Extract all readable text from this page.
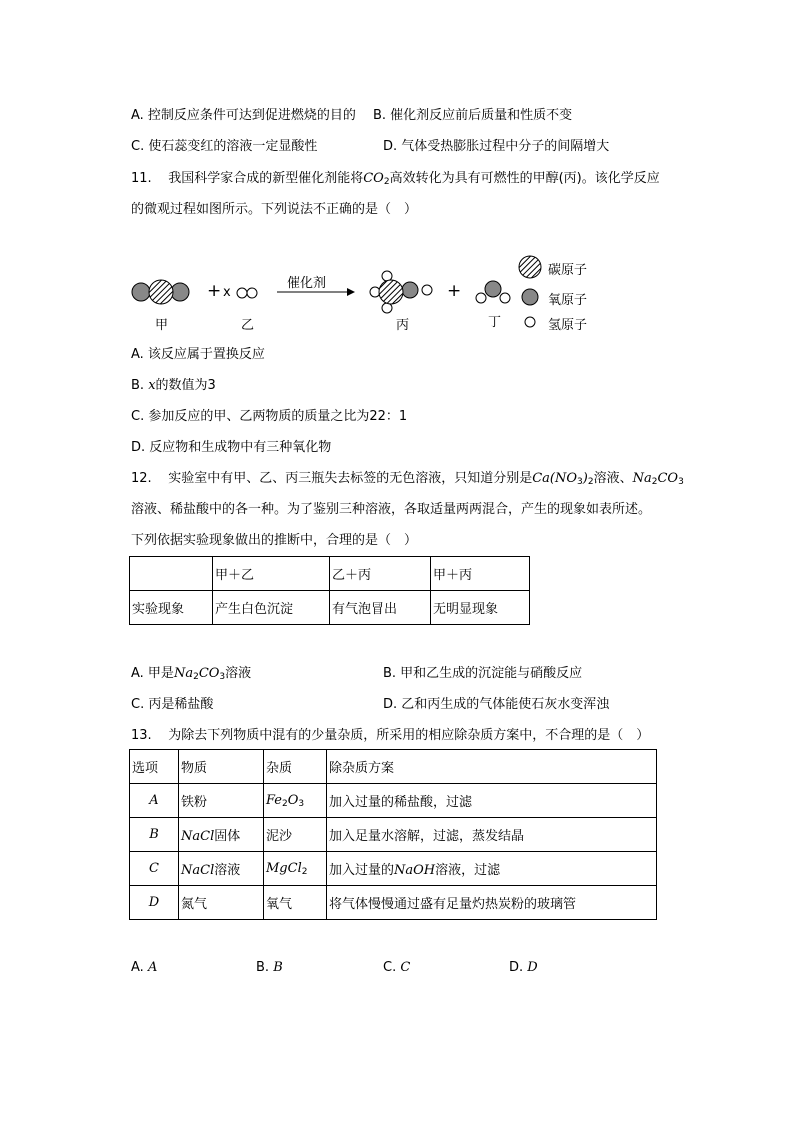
A. 控制反应条件可达到促进燃烧的目的 B. 催化剂反应前后质量和性质不变
C. 使石蕊变红的溶液一定显酸性	D. 气体受热膨胀过程中分子的间隔增大
11. 我国科学家合成的新型催化剂能将$CO_2$高效转化为具有可燃性的甲醇(丙)。该化学反应
的微观过程如图所示。下列说法不正确的是（　）
+ x
催化剂	+
甲	乙	丙	丁
碳原子
氧原子
氢原子
A. 该反应属于置换反应
B. x的数值为3
C. 参加反应的甲、乙两物质的质量之比为22：1
D. 反应物和生成物中有三种氧化物
12. 实验室中有甲、乙、丙三瓶失去标签的无色溶液，只知道分别是$Ca(NO_3)_2$溶液、$Na_2CO_3$
溶液、稀盐酸中的各一种。为了鉴别三种溶液，各取适量两两混合，产生的现象如表所述。
下列依据实验现象做出的推断中，合理的是（　）
	甲＋乙	乙＋丙	甲＋丙
实验现象	产生白色沉淀	有气泡冒出	无明显现象
A. 甲是$Na_2CO_3$溶液	B. 甲和乙生成的沉淀能与硝酸反应
C. 丙是稀盐酸	D. 乙和丙生成的气体能使石灰水变浑浊
13. 为除去下列物质中混有的少量杂质，所采用的相应除杂质方案中，不合理的是（　）
选项	物质	杂质	除杂质方案
A	铁粉	$Fe_2O_3$	加入过量的稀盐酸，过滤
B	NaCl固体	泥沙	加入足量水溶解，过滤，蒸发结晶
C	NaCl溶液	MgCl$_2$	加入过量的NaOH溶液，过滤
D	氮气	氧气	将气体慢慢通过盛有足量灼热炭粉的玻璃管
A. A	B. B	C. C	D. D
